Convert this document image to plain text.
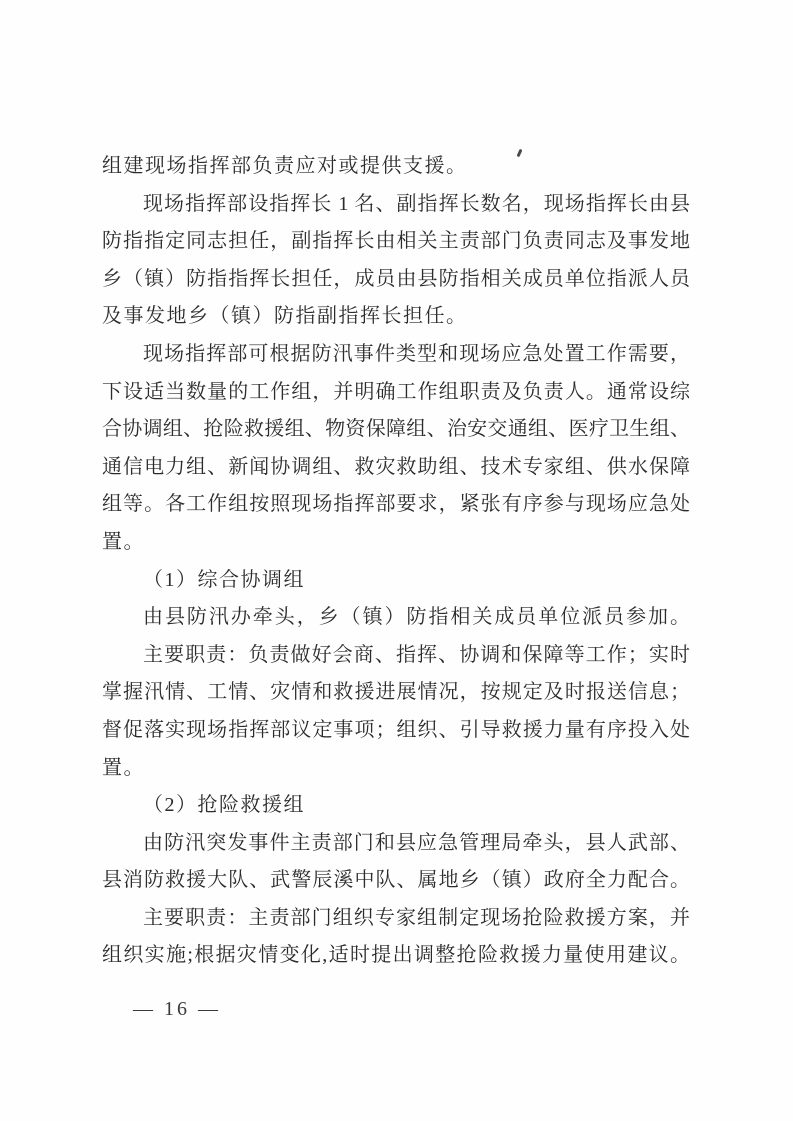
组建现场指挥部负责应对或提供支援。
现场指挥部设指挥长 1 名、副指挥长数名，现场指挥长由县
防指指定同志担任，副指挥长由相关主责部门负责同志及事发地
乡（镇）防指指挥长担任，成员由县防指相关成员单位指派人员
及事发地乡（镇）防指副指挥长担任。
现场指挥部可根据防汛事件类型和现场应急处置工作需要，
下设适当数量的工作组，并明确工作组职责及负责人。通常设综
合协调组、抢险救援组、物资保障组、治安交通组、医疗卫生组、
通信电力组、新闻协调组、救灾救助组、技术专家组、供水保障
组等。各工作组按照现场指挥部要求，紧张有序参与现场应急处
置。
（1）综合协调组
由县防汛办牵头，乡（镇）防指相关成员单位派员参加。
主要职责：负责做好会商、指挥、协调和保障等工作；实时
掌握汛情、工情、灾情和救援进展情况，按规定及时报送信息；
督促落实现场指挥部议定事项；组织、引导救援力量有序投入处
置。
（2）抢险救援组
由防汛突发事件主责部门和县应急管理局牵头，县人武部、
县消防救援大队、武警辰溪中队、属地乡（镇）政府全力配合。
主要职责：主责部门组织专家组制定现场抢险救援方案，并
组织实施;根据灾情变化,适时提出调整抢险救援力量使用建议。
— 16 —
